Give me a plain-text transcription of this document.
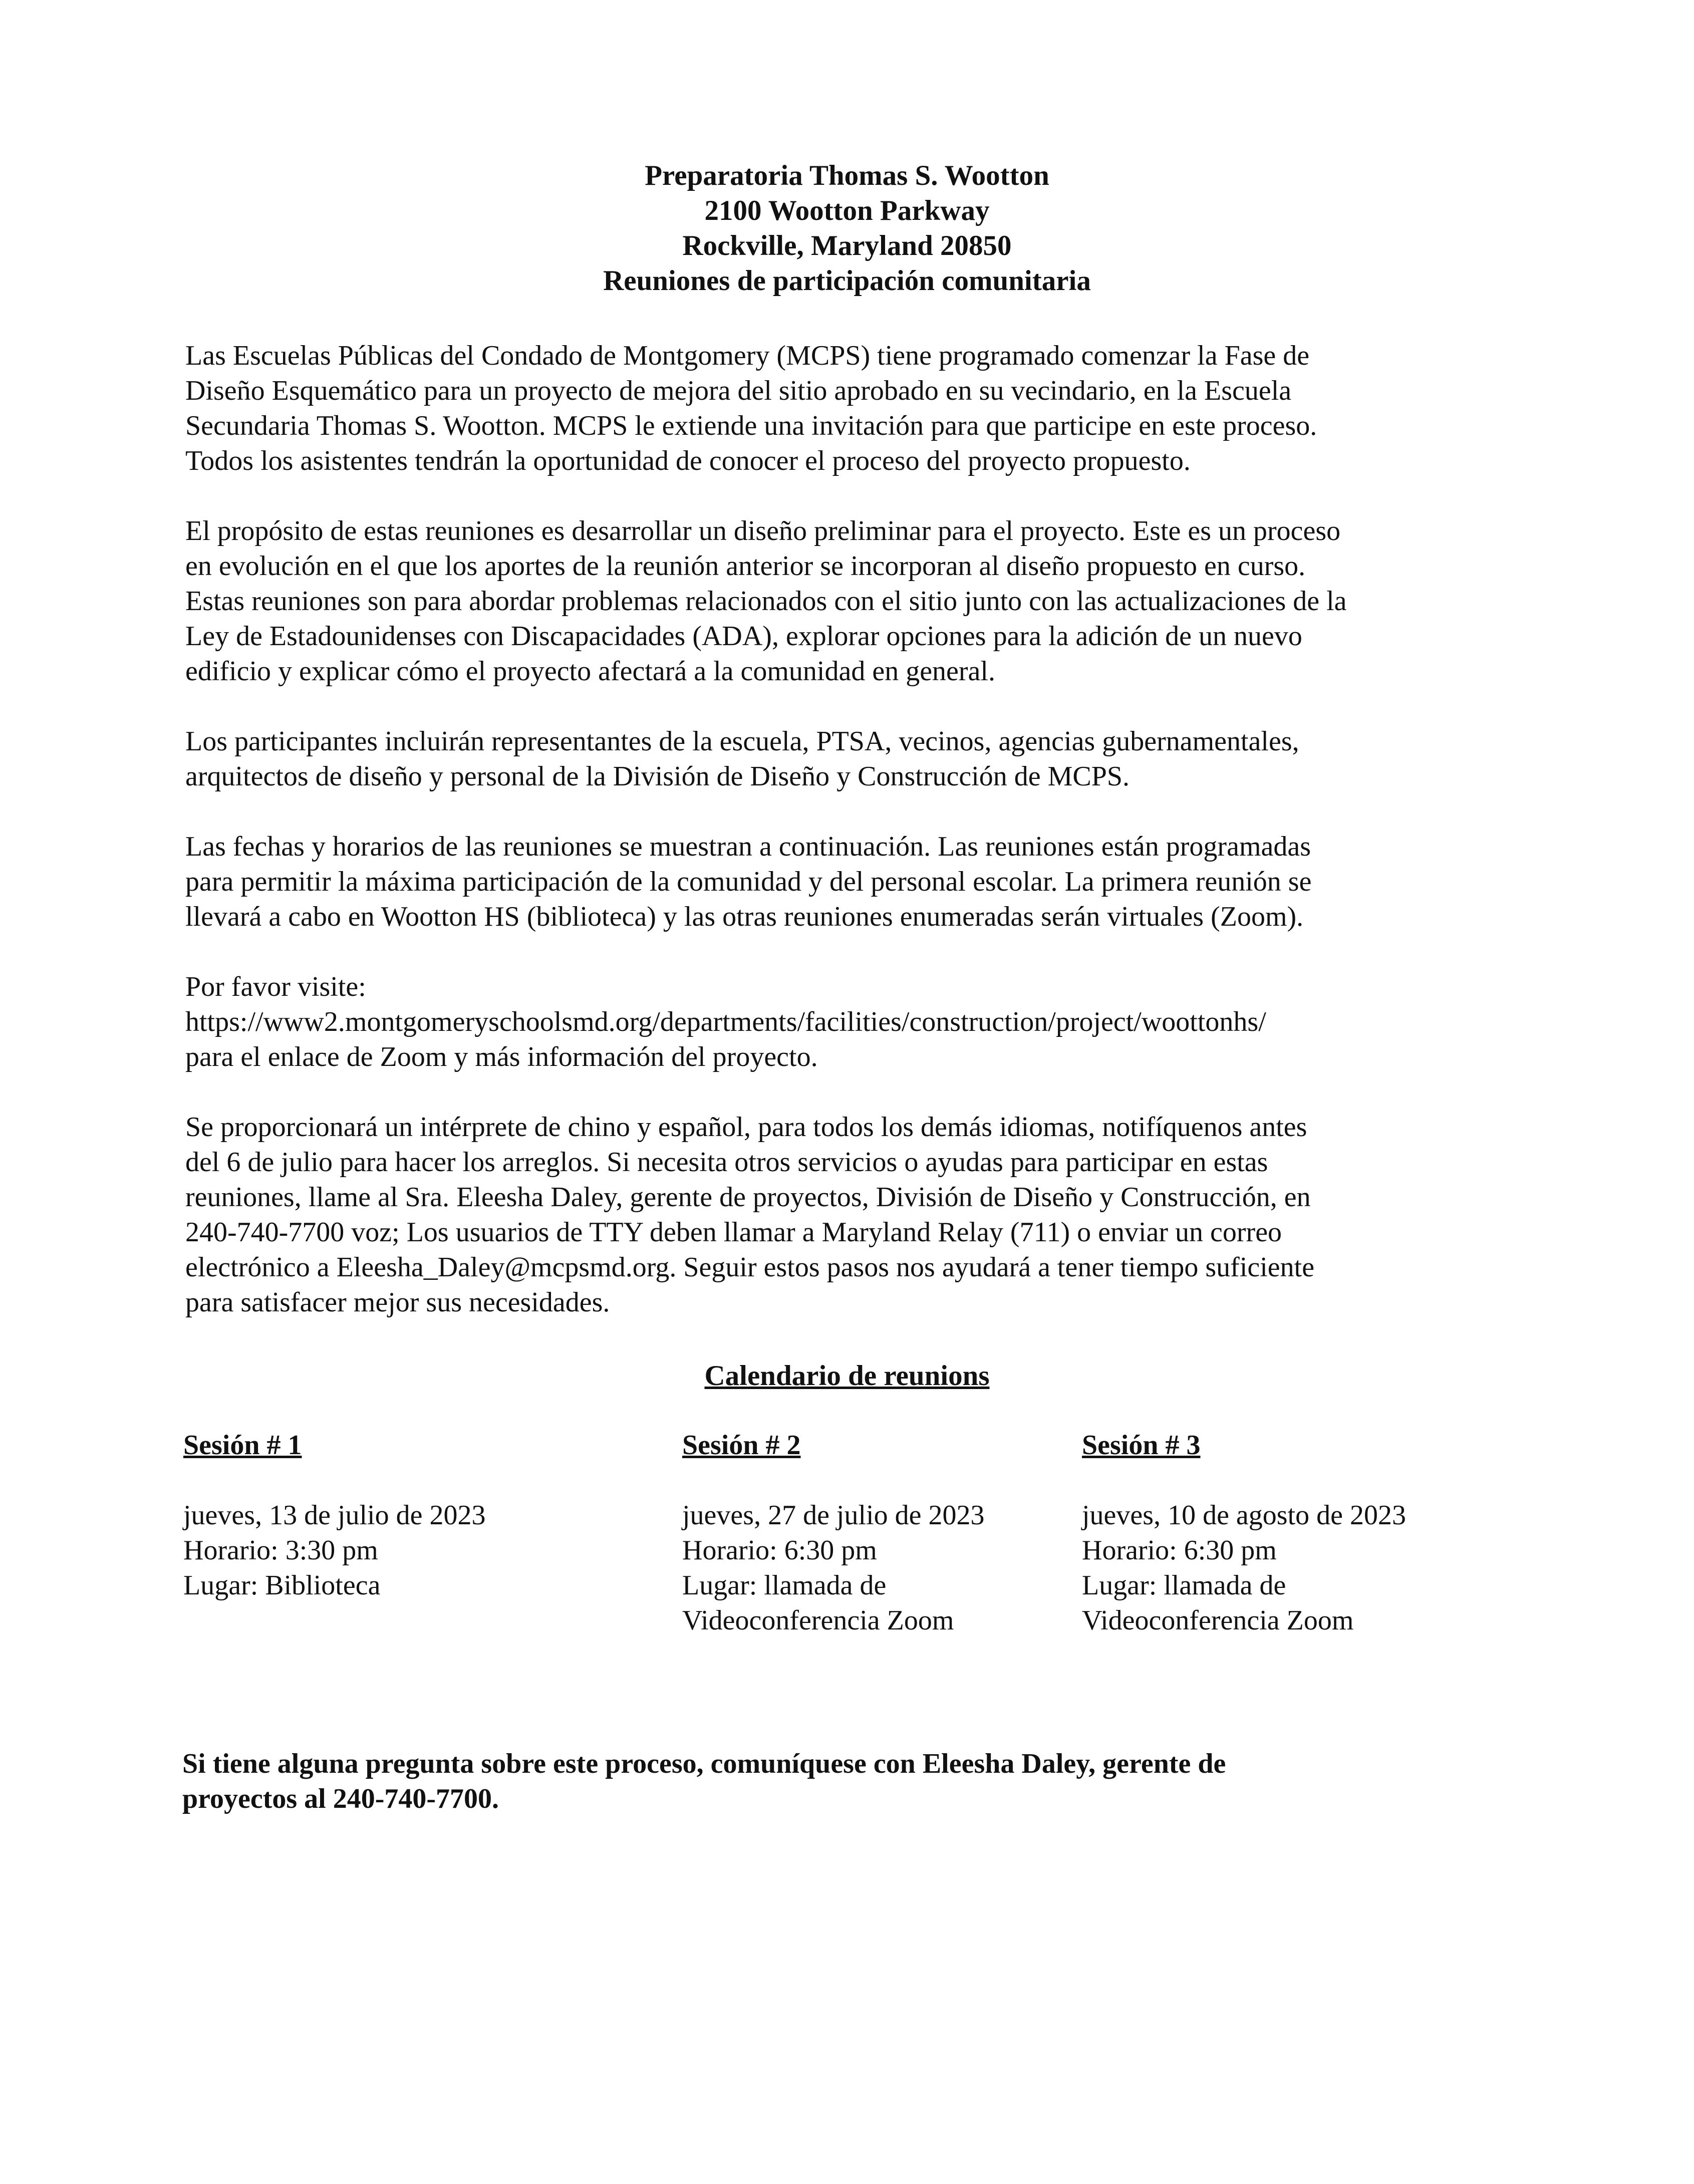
Preparatoria Thomas S. Wootton
2100 Wootton Parkway
Rockville, Maryland 20850
Reuniones de participación comunitaria
Las Escuelas Públicas del Condado de Montgomery (MCPS) tiene programado comenzar la Fase de
Diseño Esquemático para un proyecto de mejora del sitio aprobado en su vecindario, en la Escuela
Secundaria Thomas S. Wootton. MCPS le extiende una invitación para que participe en este proceso.
Todos los asistentes tendrán la oportunidad de conocer el proceso del proyecto propuesto.
El propósito de estas reuniones es desarrollar un diseño preliminar para el proyecto. Este es un proceso
en evolución en el que los aportes de la reunión anterior se incorporan al diseño propuesto en curso.
Estas reuniones son para abordar problemas relacionados con el sitio junto con las actualizaciones de la
Ley de Estadounidenses con Discapacidades (ADA), explorar opciones para la adición de un nuevo
edificio y explicar cómo el proyecto afectará a la comunidad en general.
Los participantes incluirán representantes de la escuela, PTSA, vecinos, agencias gubernamentales,
arquitectos de diseño y personal de la División de Diseño y Construcción de MCPS.
Las fechas y horarios de las reuniones se muestran a continuación. Las reuniones están programadas
para permitir la máxima participación de la comunidad y del personal escolar. La primera reunión se
llevará a cabo en Wootton HS (biblioteca) y las otras reuniones enumeradas serán virtuales (Zoom).
Por favor visite:
https://www2.montgomeryschoolsmd.org/departments/facilities/construction/project/woottonhs/
para el enlace de Zoom y más información del proyecto.
Se proporcionará un intérprete de chino y español, para todos los demás idiomas, notifíquenos antes
del 6 de julio para hacer los arreglos. Si necesita otros servicios o ayudas para participar en estas
reuniones, llame al Sra. Eleesha Daley, gerente de proyectos, División de Diseño y Construcción, en
240-740-7700 voz; Los usuarios de TTY deben llamar a Maryland Relay (711) o enviar un correo
electrónico a Eleesha_Daley@mcpsmd.org. Seguir estos pasos nos ayudará a tener tiempo suficiente
para satisfacer mejor sus necesidades.
Calendario de reunions
Sesión # 1
jueves, 13 de julio de 2023
Horario: 3:30 pm
Lugar: Biblioteca
Sesión # 2
jueves, 27 de julio de 2023
Horario: 6:30 pm
Lugar: llamada de
Videoconferencia Zoom
Sesión # 3
jueves, 10 de agosto de 2023
Horario: 6:30 pm
Lugar: llamada de
Videoconferencia Zoom
Si tiene alguna pregunta sobre este proceso, comuníquese con Eleesha Daley, gerente de
proyectos al 240-740-7700.
